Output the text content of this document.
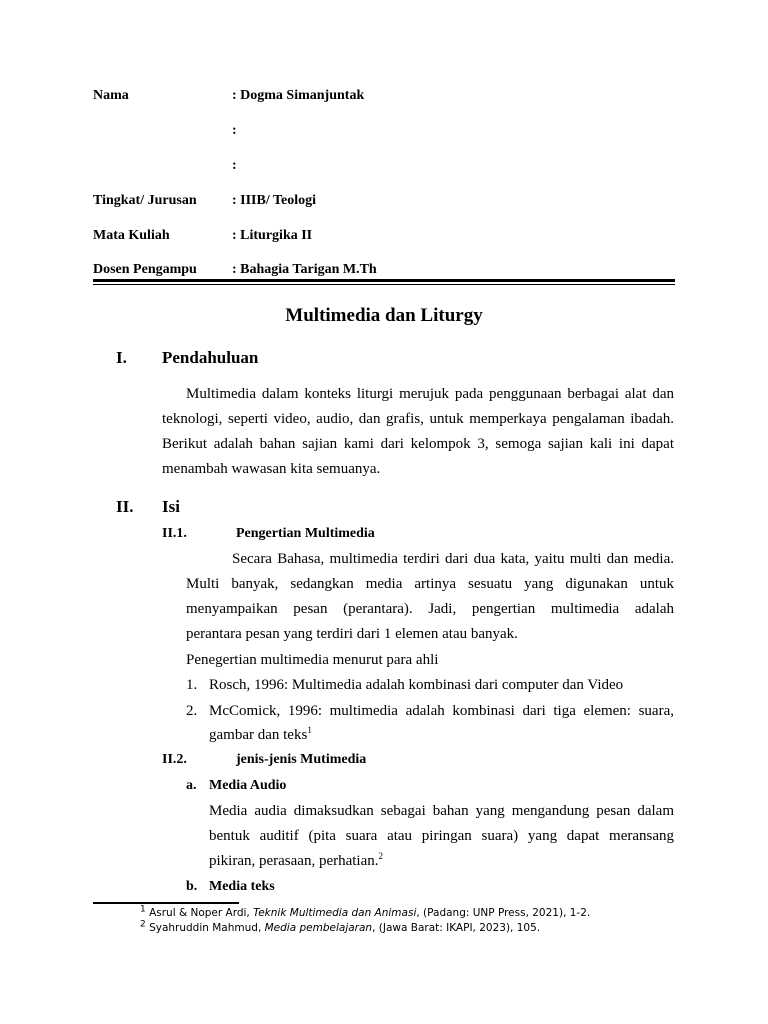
Nama	: Dogma Simanjuntak
:
:
Tingkat/ Jurusan	: IIIB/ Teologi
Mata Kuliah	: Liturgika II
Dosen Pengampu	: Bahagia Tarigan M.Th
Multimedia dan Liturgy
I. Pendahuluan
Multimedia dalam konteks liturgi merujuk pada penggunaan berbagai alat dan
teknologi, seperti video, audio, dan grafis, untuk memperkaya pengalaman ibadah.
Berikut adalah bahan sajian kami dari kelompok 3, semoga sajian kali ini dapat
menambah wawasan kita semuanya.
II. Isi
II.1.	Pengertian Multimedia
Secara Bahasa, multimedia terdiri dari dua kata, yaitu multi dan media.
Multi banyak, sedangkan media artinya sesuatu yang digunakan untuk
menyampaikan pesan (perantara). Jadi, pengertian multimedia adalah
perantara pesan yang terdiri dari 1 elemen atau banyak.
Penegertian multimedia menurut para ahli
1. Rosch, 1996: Multimedia adalah kombinasi dari computer dan Video
2. McComick, 1996: multimedia adalah kombinasi dari tiga elemen: suara,
gambar dan teks$^1$
II.2.	jenis-jenis Mutimedia
a. Media Audio
Media audia dimaksudkan sebagai bahan yang mengandung pesan dalam
bentuk auditif (pita suara atau piringan suara) yang dapat meransang
pikiran, perasaan, perhatian.$^2$
b. Media teks
$^1$ Asrul & Noper Ardi, Teknik Multimedia dan Animasi, (Padang: UNP Press, 2021), 1-2.
$^2$ Syahruddin Mahmud, Media pembelajaran, (Jawa Barat: IKAPI, 2023), 105.
